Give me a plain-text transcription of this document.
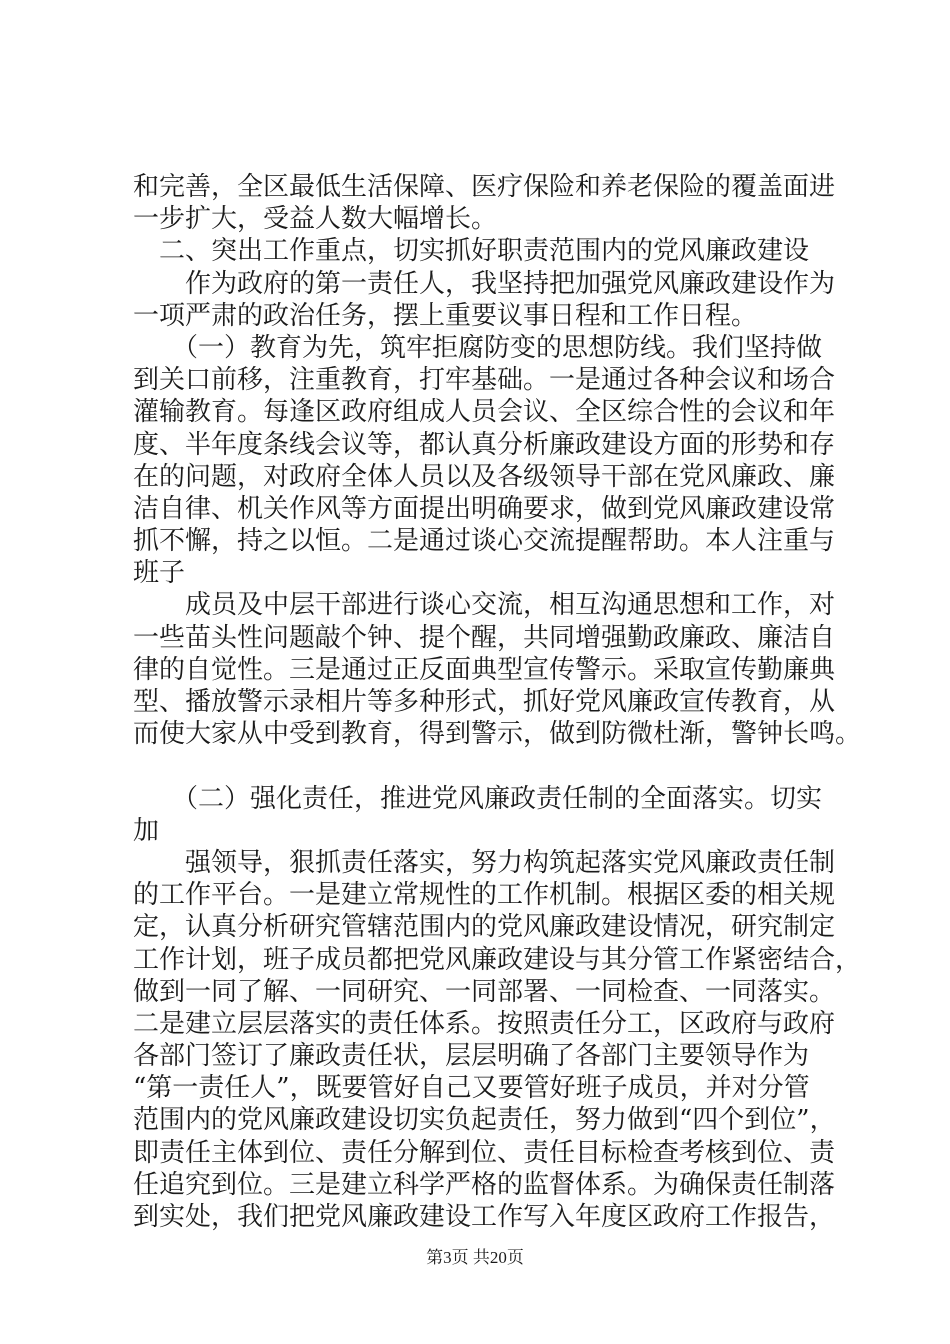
和完善，全区最低生活保障、医疗保险和养老保险的覆盖面进
一步扩大，受益人数大幅增长。
　二、突出工作重点，切实抓好职责范围内的党风廉政建设
　　作为政府的第一责任人，我坚持把加强党风廉政建设作为
一项严肃的政治任务，摆上重要议事日程和工作日程。
　　（一）教育为先，筑牢拒腐防变的思想防线。我们坚持做
到关口前移，注重教育，打牢基础。一是通过各种会议和场合
灌输教育。每逢区政府组成人员会议、全区综合性的会议和年
度、半年度条线会议等，都认真分析廉政建设方面的形势和存
在的问题，对政府全体人员以及各级领导干部在党风廉政、廉
洁自律、机关作风等方面提出明确要求，做到党风廉政建设常
抓不懈，持之以恒。二是通过谈心交流提醒帮助。本人注重与
班子
　　成员及中层干部进行谈心交流，相互沟通思想和工作，对
一些苗头性问题敲个钟、提个醒，共同增强勤政廉政、廉洁自
律的自觉性。三是通过正反面典型宣传警示。采取宣传勤廉典
型、播放警示录相片等多种形式，抓好党风廉政宣传教育，从
而使大家从中受到教育，得到警示，做到防微杜渐，警钟长鸣。
　　（二）强化责任，推进党风廉政责任制的全面落实。切实
加
　　强领导，狠抓责任落实，努力构筑起落实党风廉政责任制
的工作平台。一是建立常规性的工作机制。根据区委的相关规
定，认真分析研究管辖范围内的党风廉政建设情况，研究制定
工作计划，班子成员都把党风廉政建设与其分管工作紧密结合，
做到一同了解、一同研究、一同部署、一同检查、一同落实。
二是建立层层落实的责任体系。按照责任分工，区政府与政府
各部门签订了廉政责任状，层层明确了各部门主要领导作为
“第一责任人”，既要管好自己又要管好班子成员，并对分管
范围内的党风廉政建设切实负起责任，努力做到“四个到位”，
即责任主体到位、责任分解到位、责任目标检查考核到位、责
任追究到位。三是建立科学严格的监督体系。为确保责任制落
到实处，我们把党风廉政建设工作写入年度区政府工作报告，
第3页 共20页
